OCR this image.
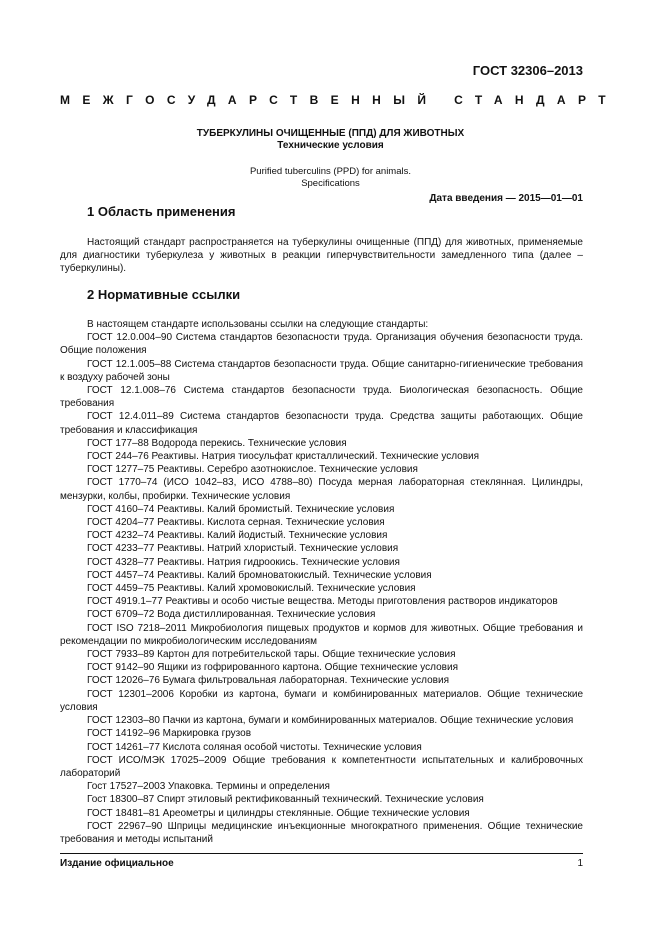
ГОСТ 32306–2013
МЕЖГОСУДАРСТВЕННЫЙ СТАНДАРТ
ТУБЕРКУЛИНЫ ОЧИЩЕННЫЕ (ППД) ДЛЯ ЖИВОТНЫХ
Технические условия
Purified tuberculins (PPD) for animals.
Specifications
Дата введения — 2015—01—01
1 Область применения
Настоящий стандарт распространяется на туберкулины очищенные (ППД) для животных, применяемые для диагностики туберкулеза у животных в реакции гиперчувствительности замедленного типа (далее – туберкулины).
2 Нормативные ссылки

В настоящем стандарте использованы ссылки на следующие стандарты:

ГОСТ 12.0.004–90 Система стандартов безопасности труда. Организация обучения безопасности труда. Общие положения

ГОСТ 12.1.005–88 Система стандартов безопасности труда. Общие санитарно-гигиенические требования к воздуху рабочей зоны

ГОСТ 12.1.008–76 Система стандартов безопасности труда. Биологическая безопасность. Общие требования

ГОСТ 12.4.011–89 Система стандартов безопасности труда. Средства защиты работающих. Общие требования и классификация

ГОСТ 177–88 Водорода перекись. Технические условия

ГОСТ 244–76 Реактивы. Натрия тиосульфат кристаллический. Технические условия

ГОСТ 1277–75 Реактивы. Серебро азотнокислое. Технические условия

ГОСТ 1770–74 (ИСО 1042–83, ИСО 4788–80) Посуда мерная лабораторная стеклянная. Цилиндры, мензурки, колбы, пробирки. Технические условия

ГОСТ 4160–74 Реактивы. Калий бромистый. Технические условия

ГОСТ 4204–77 Реактивы. Кислота серная. Технические условия

ГОСТ 4232–74 Реактивы. Калий йодистый. Технические условия

ГОСТ 4233–77 Реактивы. Натрий хлористый. Технические условия

ГОСТ 4328–77 Реактивы. Натрия гидроокись. Технические условия

ГОСТ 4457–74 Реактивы. Калий бромноватокислый. Технические условия

ГОСТ 4459–75 Реактивы. Калий хромовокислый. Технические условия

ГОСТ 4919.1–77 Реактивы и особо чистые вещества. Методы приготовления растворов индикаторов

ГОСТ 6709–72 Вода дистиллированная. Технические условия

ГОСТ ISO 7218–2011 Микробиология пищевых продуктов и кормов для животных. Общие требования и рекомендации по микробиологическим исследованиям

ГОСТ 7933–89 Картон для потребительской тары. Общие технические условия

ГОСТ 9142–90 Ящики из гофрированного картона. Общие технические условия

ГОСТ 12026–76 Бумага фильтровальная лабораторная. Технические условия

ГОСТ 12301–2006 Коробки из картона, бумаги и комбинированных материалов. Общие технические условия

ГОСТ 12303–80 Пачки из картона, бумаги и комбинированных материалов. Общие технические условия

ГОСТ 14192–96 Маркировка грузов

ГОСТ 14261–77 Кислота соляная особой чистоты. Технические условия

ГОСТ ИСО/МЭК 17025–2009 Общие требования к компетентности испытательных и калибровочных лабораторий

Гост 17527–2003 Упаковка. Термины и определения

Гост 18300–87 Спирт этиловый ректификованный технический. Технические условия

ГОСТ 18481–81 Ареометры и цилиндры стеклянные. Общие технические условия

ГОСТ 22967–90 Шприцы медицинские инъекционные многократного применения. Общие технические требования и методы испытаний

Издание официальное	1
